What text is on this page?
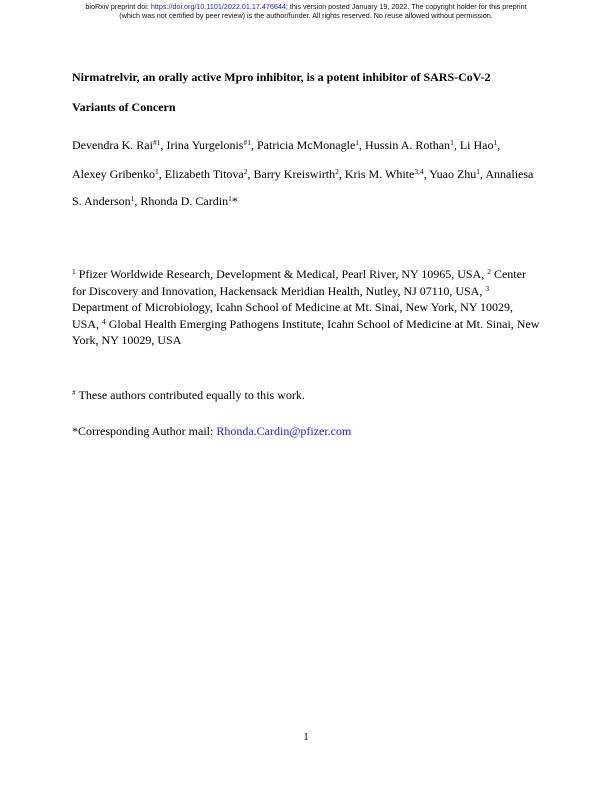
bioRxiv preprint doi: https://doi.org/10.1101/2022.01.17.476644; this version posted January 19, 2022. The copyright holder for this preprint
(which was not certified by peer review) is the author/funder. All rights reserved. No reuse allowed without permission.
Nirmatrelvir, an orally active Mpro inhibitor, is a potent inhibitor of SARS-CoV-2
Variants of Concern
Devendra K. Rai$^{\#1}$, Irina Yurgelonis$^{\#1}$, Patricia McMonagle$^1$, Hussin A. Rothan$^1$, Li Hao$^1$,
Alexey Gribenko$^1$, Elizabeth Titova$^2$, Barry Kreiswirth$^2$, Kris M. White$^{3,4}$, Yuao Zhu$^1$, Annaliesa
S. Anderson$^1$, Rhonda D. Cardin$^1$*
$^1$ Pfizer Worldwide Research, Development & Medical, Pearl River, NY 10965, USA, $^2$ Center
for Discovery and Innovation, Hackensack Meridian Health, Nutley, NJ 07110, USA, $^3$
Department of Microbiology, Icahn School of Medicine at Mt. Sinai, New York, NY 10029,
USA, $^4$ Global Health Emerging Pathogens Institute, Icahn School of Medicine at Mt. Sinai, New
York, NY 10029, USA
# These authors contributed equally to this work.
*Corresponding Author mail: Rhonda.Cardin@pfizer.com
1
